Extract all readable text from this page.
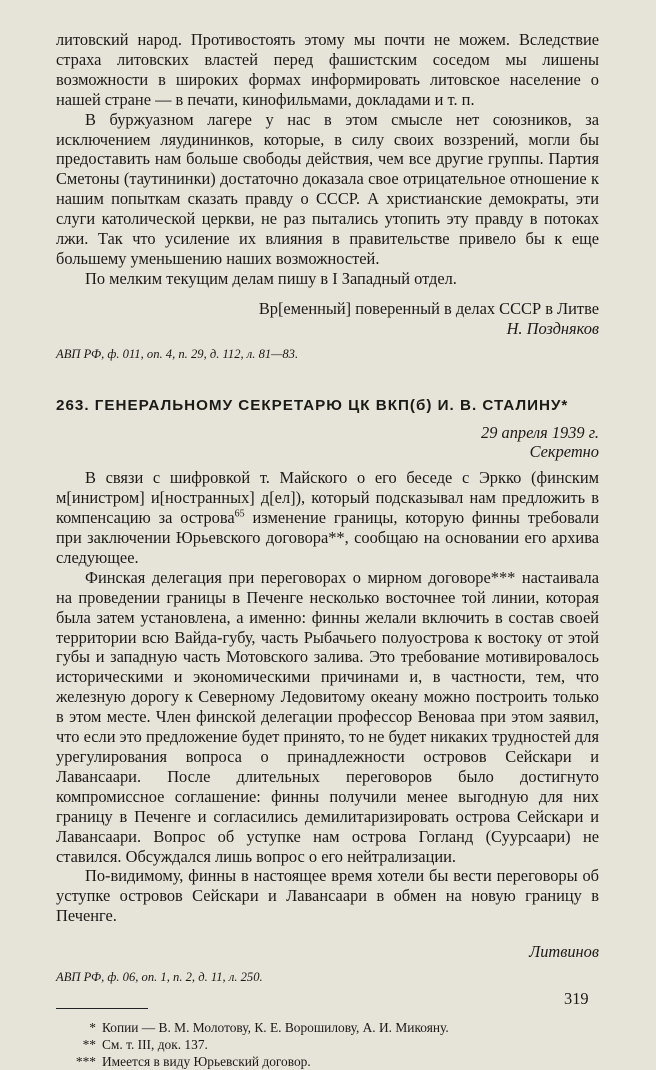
литовский народ. Противостоять этому мы почти не можем. Вследствие страха литовских властей перед фашистским соседом мы лишены возможности в широких формах информировать литовское население о нашей стране — в печати, кинофильмами, докладами и т. п.

В буржуазном лагере у нас в этом смысле нет союзников, за исключением ляудининков, которые, в силу своих воззрений, могли бы предоставить нам больше свободы действия, чем все другие группы. Партия Сметоны (таутининки) достаточно доказала свое отрицательное отношение к нашим попыткам сказать правду о СССР. А христианские демократы, эти слуги католической церкви, не раз пытались утопить эту правду в потоках лжи. Так что усиление их влияния в правительстве привело бы к еще большему уменьшению наших возможностей.

По мелким текущим делам пишу в I Западный отдел.

Вр[еменный] поверенный в делах СССР в Литве

Н. Поздняков

АВП РФ, ф. 011, оп. 4, п. 29, д. 112, л. 81—83.

263. ГЕНЕРАЛЬНОМУ СЕКРЕТАРЮ ЦК ВКП(б) И. В. СТАЛИНУ*

29 апреля 1939 г.

Секретно

В связи с шифровкой т. Майского о его беседе с Эркко (финским м[инистром] и[ностранных] д[ел]), который подсказывал нам предложить в компенсацию за острова$^{65}$ изменение границы, которую финны требовали при заключении Юрьевского договора**, сообщаю на основании его архива следующее.

Финская делегация при переговорах о мирном договоре*** настаивала на проведении границы в Печенге несколько восточнее той линии, которая была затем установлена, а именно: финны желали включить в состав своей территории всю Вайда-губу, часть Рыбачьего полуострова к востоку от этой губы и западную часть Мотовского залива. Это требование мотивировалось историческими и экономическими причинами и, в частности, тем, что железную дорогу к Северному Ледовитому океану можно построить только в этом месте. Член финской делегации профессор Веноваа при этом заявил, что если это предложение будет принято, то не будет никаких трудностей для урегулирования вопроса о принадлежности островов Сейскари и Лавансаари. После длительных переговоров было достигнуто компромиссное соглашение: финны получили менее выгодную для них границу в Печенге и согласились демилитаризировать острова Сейскари и Лавансаари. Вопрос об уступке нам острова Гогланд (Суурсаари) не ставился. Обсуждался лишь вопрос о его нейтрализации.

По-видимому, финны в настоящее время хотели бы вести переговоры об уступке островов Сейскари и Лавансаари в обмен на новую границу в Печенге.

Литвинов

АВП РФ, ф. 06, оп. 1, п. 2, д. 11, л. 250.

* Копии — В. М. Молотову, К. Е. Ворошилову, А. И. Микояну.

** См. т. III, док. 137.

*** Имеется в виду Юрьевский договор.

319
